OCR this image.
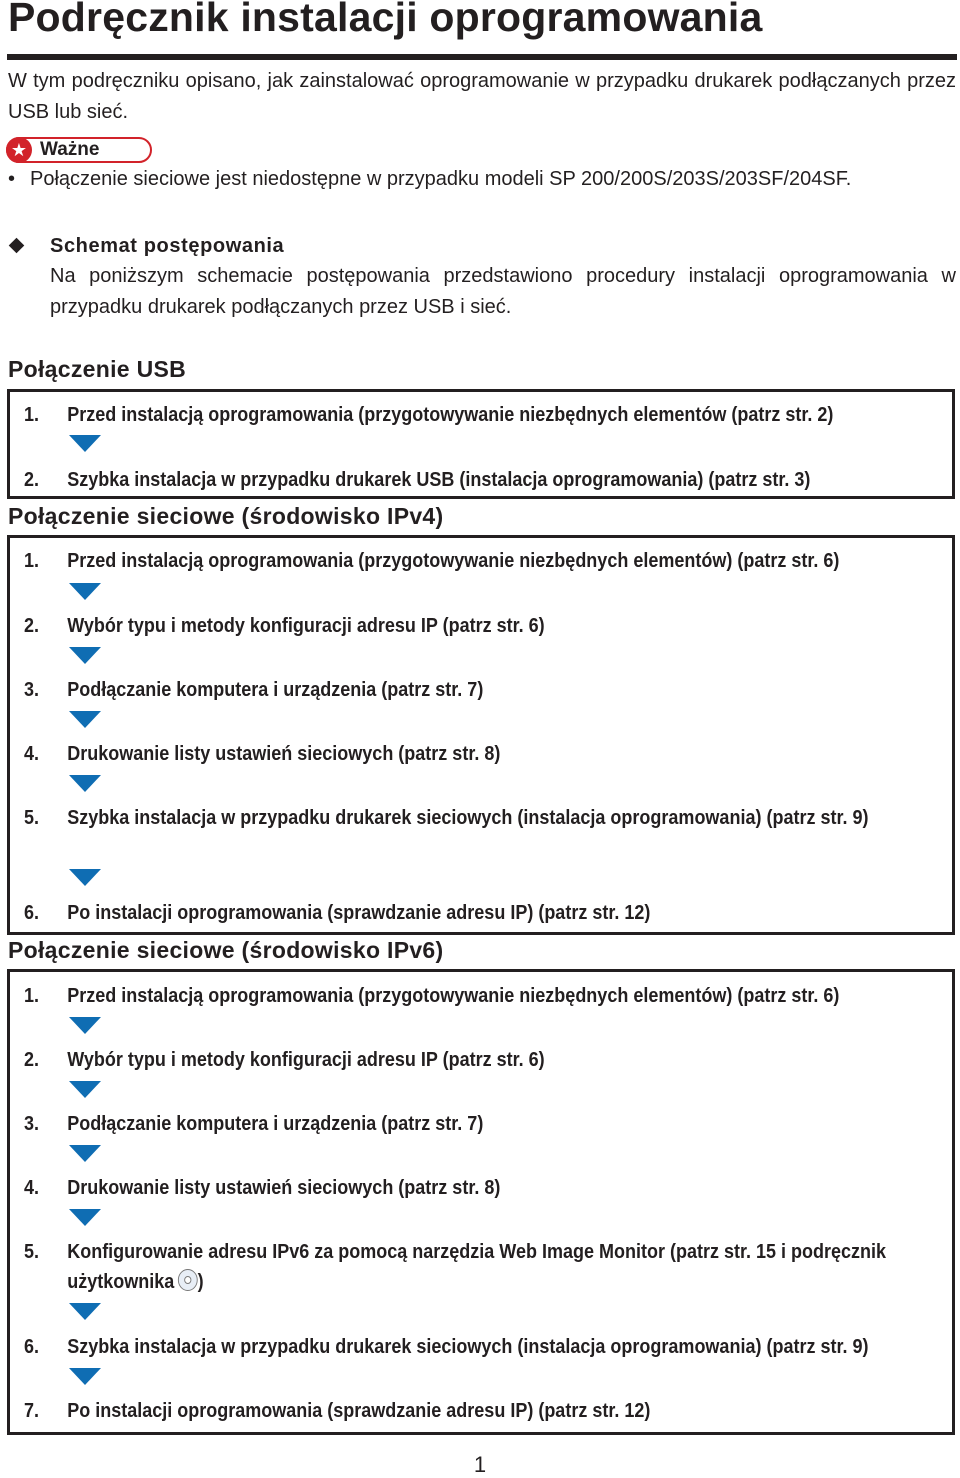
Podręcznik instalacji oprogramowania

W tym podręczniku opisano, jak zainstalować oprogramowanie w przypadku drukarek podłączanych przez USB lub sieć.

★ Ważne

• Połączenie sieciowe jest niedostępne w przypadku modeli SP 200/200S/203S/203SF/204SF.

Schemat postępowania

Na poniższym schemacie postępowania przedstawiono procedury instalacji oprogramowania w przypadku drukarek podłączanych przez USB i sieć.

Połączenie USB

1. Przed instalacją oprogramowania (przygotowywanie niezbędnych elementów (patrz str. 2)

2. Szybka instalacja w przypadku drukarek USB (instalacja oprogramowania) (patrz str. 3)

Połączenie sieciowe (środowisko IPv4)

1. Przed instalacją oprogramowania (przygotowywanie niezbędnych elementów) (patrz str. 6)

2. Wybór typu i metody konfiguracji adresu IP (patrz str. 6)

3. Podłączanie komputera i urządzenia (patrz str. 7)

4. Drukowanie listy ustawień sieciowych (patrz str. 8)

5. Szybka instalacja w przypadku drukarek sieciowych (instalacja oprogramowania) (patrz str. 9)

6. Po instalacji oprogramowania (sprawdzanie adresu IP) (patrz str. 12)

Połączenie sieciowe (środowisko IPv6)

1. Przed instalacją oprogramowania (przygotowywanie niezbędnych elementów) (patrz str. 6)

2. Wybór typu i metody konfiguracji adresu IP (patrz str. 6)

3. Podłączanie komputera i urządzenia (patrz str. 7)

4. Drukowanie listy ustawień sieciowych (patrz str. 8)

5. Konfigurowanie adresu IPv6 za pomocą narzędzia Web Image Monitor (patrz str. 15 i podręcznik użytkownika )

6. Szybka instalacja w przypadku drukarek sieciowych (instalacja oprogramowania) (patrz str. 9)

7. Po instalacji oprogramowania (sprawdzanie adresu IP) (patrz str. 12)

1
